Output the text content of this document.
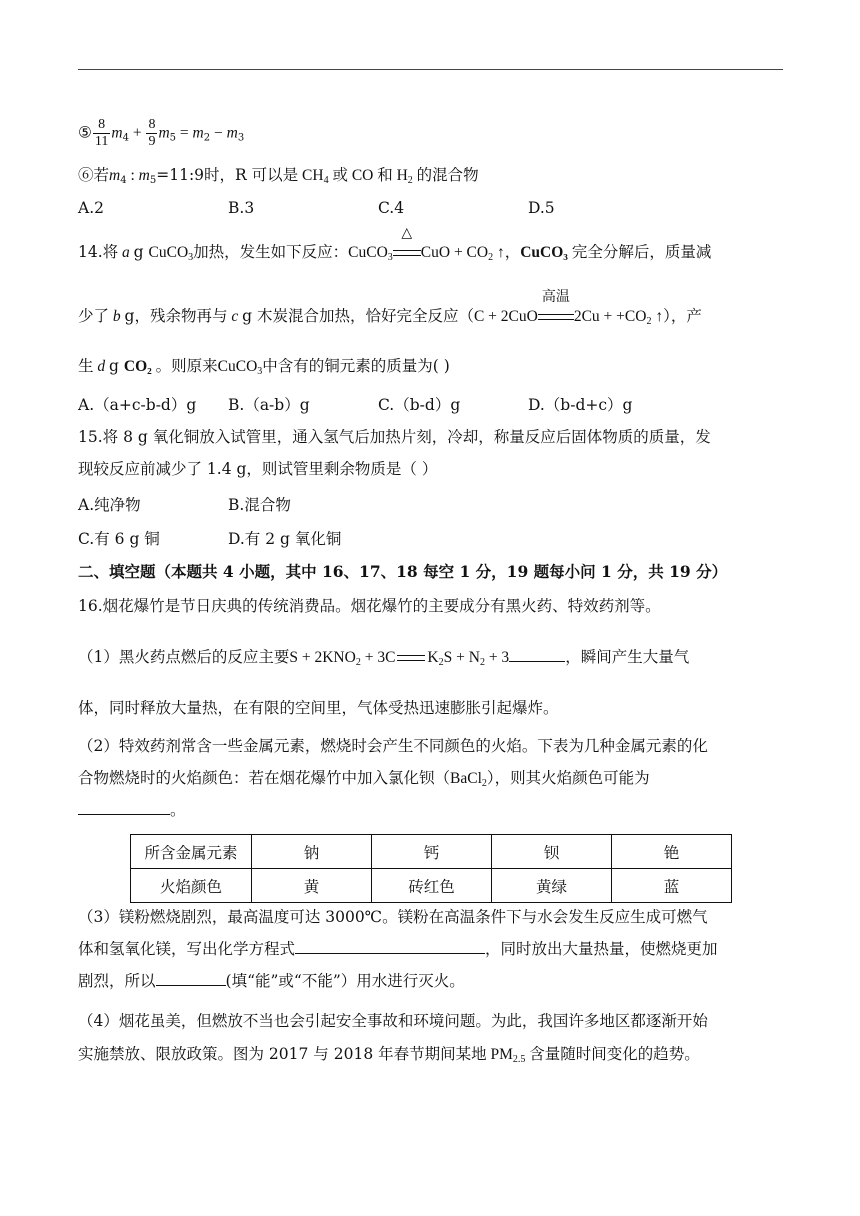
⑤ $\frac{8}{11} m_4 + \frac{8}{9} m_5 = m_2 - m_3$
⑥若$m_4$ : $m_5=11:9$时，R 可以是 $CH_4$ 或 CO 和 $H_2$ 的混合物
A.2	B.3	C.4	D.5
14.将 a g CuCO$_3$加热，发生如下反应：CuCO$_3$
△
CuO + $CO_2$ ↑，CuCO₃ 完全分解后，质量减
少了 b g，残余物再与 c g 木炭混合加热，恰好完全反应（C + 2CuO
高温
$2Cu + +CO_2$ ↑），产
生 d g CO₂ 。则原来CuCO$_3$中含有的铜元素的质量为( )
A.（a+c-b-d）g B.（a-b）g	C.（b-d）g	D.（b-d+c）g
15.将 8 g 氧化铜放入试管里，通入氢气后加热片刻，冷却，称量反应后固体物质的质量，发
现较反应前减少了 1.4 g，则试管里剩余物质是（ ）
A.纯净物	B.混合物
C.有 6 g 铜	D.有 2 g 氧化铜
二、填空题（本题共 4 小题，其中 16、17、18 每空 1 分，19 题每小问 1 分，共 19 分）
16.烟花爆竹是节日庆典的传统消费品。烟花爆竹的主要成分有黑火药、特效药剂等。
（1）黑火药点燃后的反应主要$S + 2KNO_2 + 3C$ $K_2S + N_2 + 3$	，瞬间产生大量气
体，同时释放大量热，在有限的空间里，气体受热迅速膨胀引起爆炸。
（2）特效药剂常含一些金属元素，燃烧时会产生不同颜色的火焰。下表为几种金属元素的化
合物燃烧时的火焰颜色：若在烟花爆竹中加入氯化钡（BaCl$_2$），则其火焰颜色可能为
。
所含金属元素	钠	钙	钡	铯
火焰颜色	黄	砖红色	黄绿	蓝
（3）镁粉燃烧剧烈，最高温度可达 3000℃。镁粉在高温条件下与水会发生反应生成可燃气
体和氢氧化镁，写出化学方程式	，同时放出大量热量，使燃烧更加
剧烈，所以	(填“能”或“不能”）用水进行灭火。
（4）烟花虽美，但燃放不当也会引起安全事故和环境问题。为此，我国许多地区都逐渐开始
实施禁放、限放政策。图为 2017 与 2018 年春节期间某地 $PM_{2.5}$ 含量随时间变化的趋势。
